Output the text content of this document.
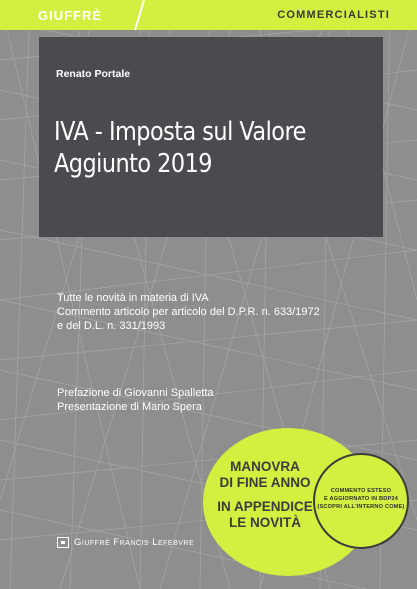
GIUFFRÈ	COMMERCIALISTI
Renato Portale
IVA - Imposta sul Valore
Aggiunto 2019
Tutte le novità in materia di IVA
Commento articolo per articolo del D.P.R. n. 633/1972
e del D.L. n. 331/1993
Prefazione di Giovanni Spalletta
Presentazione di Mario Spera
Giuffrè Francis Lefebvre
MANOVRA
DI FINE ANNO
IN APPENDICE
LE NOVITÀ
COMMENTO ESTESO
E AGGIORNATO IN BDP24
(SCOPRI ALL'INTERNO COME)
